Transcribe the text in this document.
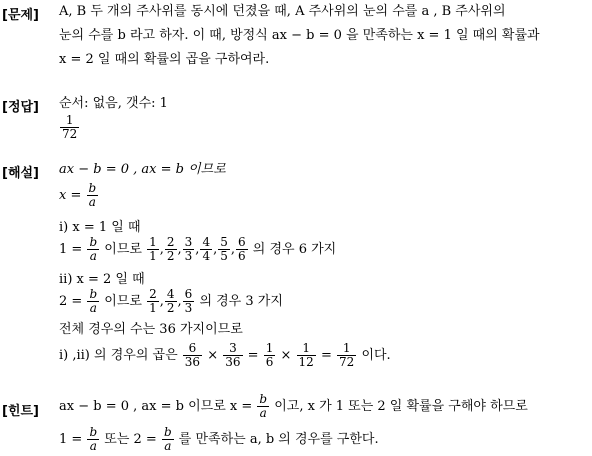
[문제] A, B 두 개의 주사위를 동시에 던졌을 때, A 주사위의 눈의 수를 a , B 주사위의
눈의 수를 b 라고 하자. 이 때, 방정식 ax − b = 0 을 만족하는 x = 1 일 때의 확률과
x = 2 일 때의 확률의 곱을 구하여라.
[정답] 순서: 없음, 갯수: 1
$\frac{1}{72}$
[해설] ax − b = 0 , ax = b 이므로
$x = \frac{b}{a}$
ⅰ) x = 1 일 때
$1 = \frac{b}{a}$ 이므로 $\frac{1}{1}$ , $\frac{2}{2}$ , $\frac{3}{3}$ , $\frac{4}{4}$ , $\frac{5}{5}$ , $\frac{6}{6}$ 의 경우 6 가지
ⅱ) x = 2 일 때
$2 = \frac{b}{a}$ 이므로 $\frac{2}{1}$ , $\frac{4}{2}$ , $\frac{6}{3}$ 의 경우 3 가지
전체 경우의 수는 36 가지이므로
ⅰ) ,ⅱ) 의 경우의 곱은 $\frac{6}{36} \times \frac{3}{36} = \frac{1}{6} \times \frac{1}{12} = \frac{1}{72}$ 이다.
[힌트] ax − b = 0 , ax = b 이므로 $x = \frac{b}{a}$ 이고, x 가 1 또는 2 일 확률을 구해야 하므로
$1 = \frac{b}{a}$ 또는 $2 = \frac{b}{a}$ 를 만족하는 a, b 의 경우를 구한다.
